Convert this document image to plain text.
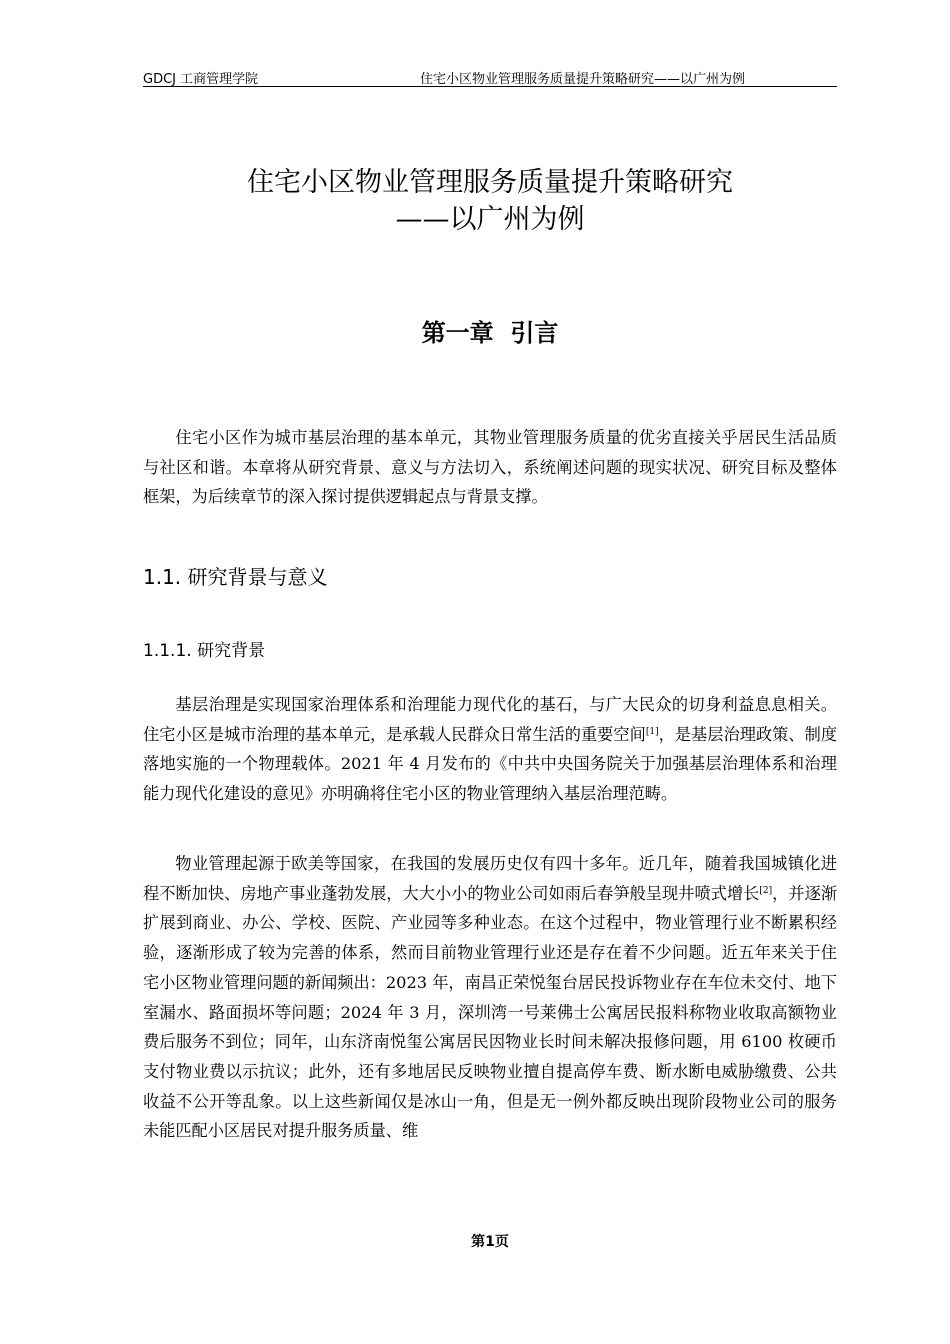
GDCJ 工商管理学院	住宅小区物业管理服务质量提升策略研究——以广州为例
住宅小区物业管理服务质量提升策略研究
——以广州为例
第一章  引言

住宅小区作为城市基层治理的基本单元，其物业管理服务质量的优劣直接关乎居民生活品质与社区和谐。本章将从研究背景、意义与方法切入，系统阐述问题的现实状况、研究目标及整体框架，为后续章节的深入探讨提供逻辑起点与背景支撑。

1.1. 研究背景与意义
1.1.1. 研究背景

基层治理是实现国家治理体系和治理能力现代化的基石，与广大民众的切身利益息息相关。住宅小区是城市治理的基本单元，是承载人民群众日常生活的重要空间[1]，是基层治理政策、制度落地实施的一个物理载体。2021 年 4 月发布的《中共中央国务院关于加强基层治理体系和治理能力现代化建设的意见》亦明确将住宅小区的物业管理纳入基层治理范畴。

物业管理起源于欧美等国家，在我国的发展历史仅有四十多年。近几年，随着我国城镇化进程不断加快、房地产事业蓬勃发展，大大小小的物业公司如雨后春笋般呈现井喷式增长[2]，并逐渐扩展到商业、办公、学校、医院、产业园等多种业态。在这个过程中，物业管理行业不断累积经验，逐渐形成了较为完善的体系，然而目前物业管理行业还是存在着不少问题。近五年来关于住宅小区物业管理问题的新闻频出：2023 年，南昌正荣悦玺台居民投诉物业存在车位未交付、地下室漏水、路面损坏等问题；2024 年 3 月，深圳湾一号莱佛士公寓居民报料称物业收取高额物业费后服务不到位；同年，山东济南悦玺公寓居民因物业长时间未解决报修问题，用 6100 枚硬币支付物业费以示抗议；此外，还有多地居民反映物业擅自提高停车费、断水断电威胁缴费、公共收益不公开等乱象。以上这些新闻仅是冰山一角，但是无一例外都反映出现阶段物业公司的服务未能匹配小区居民对提升服务质量、维

第1页
